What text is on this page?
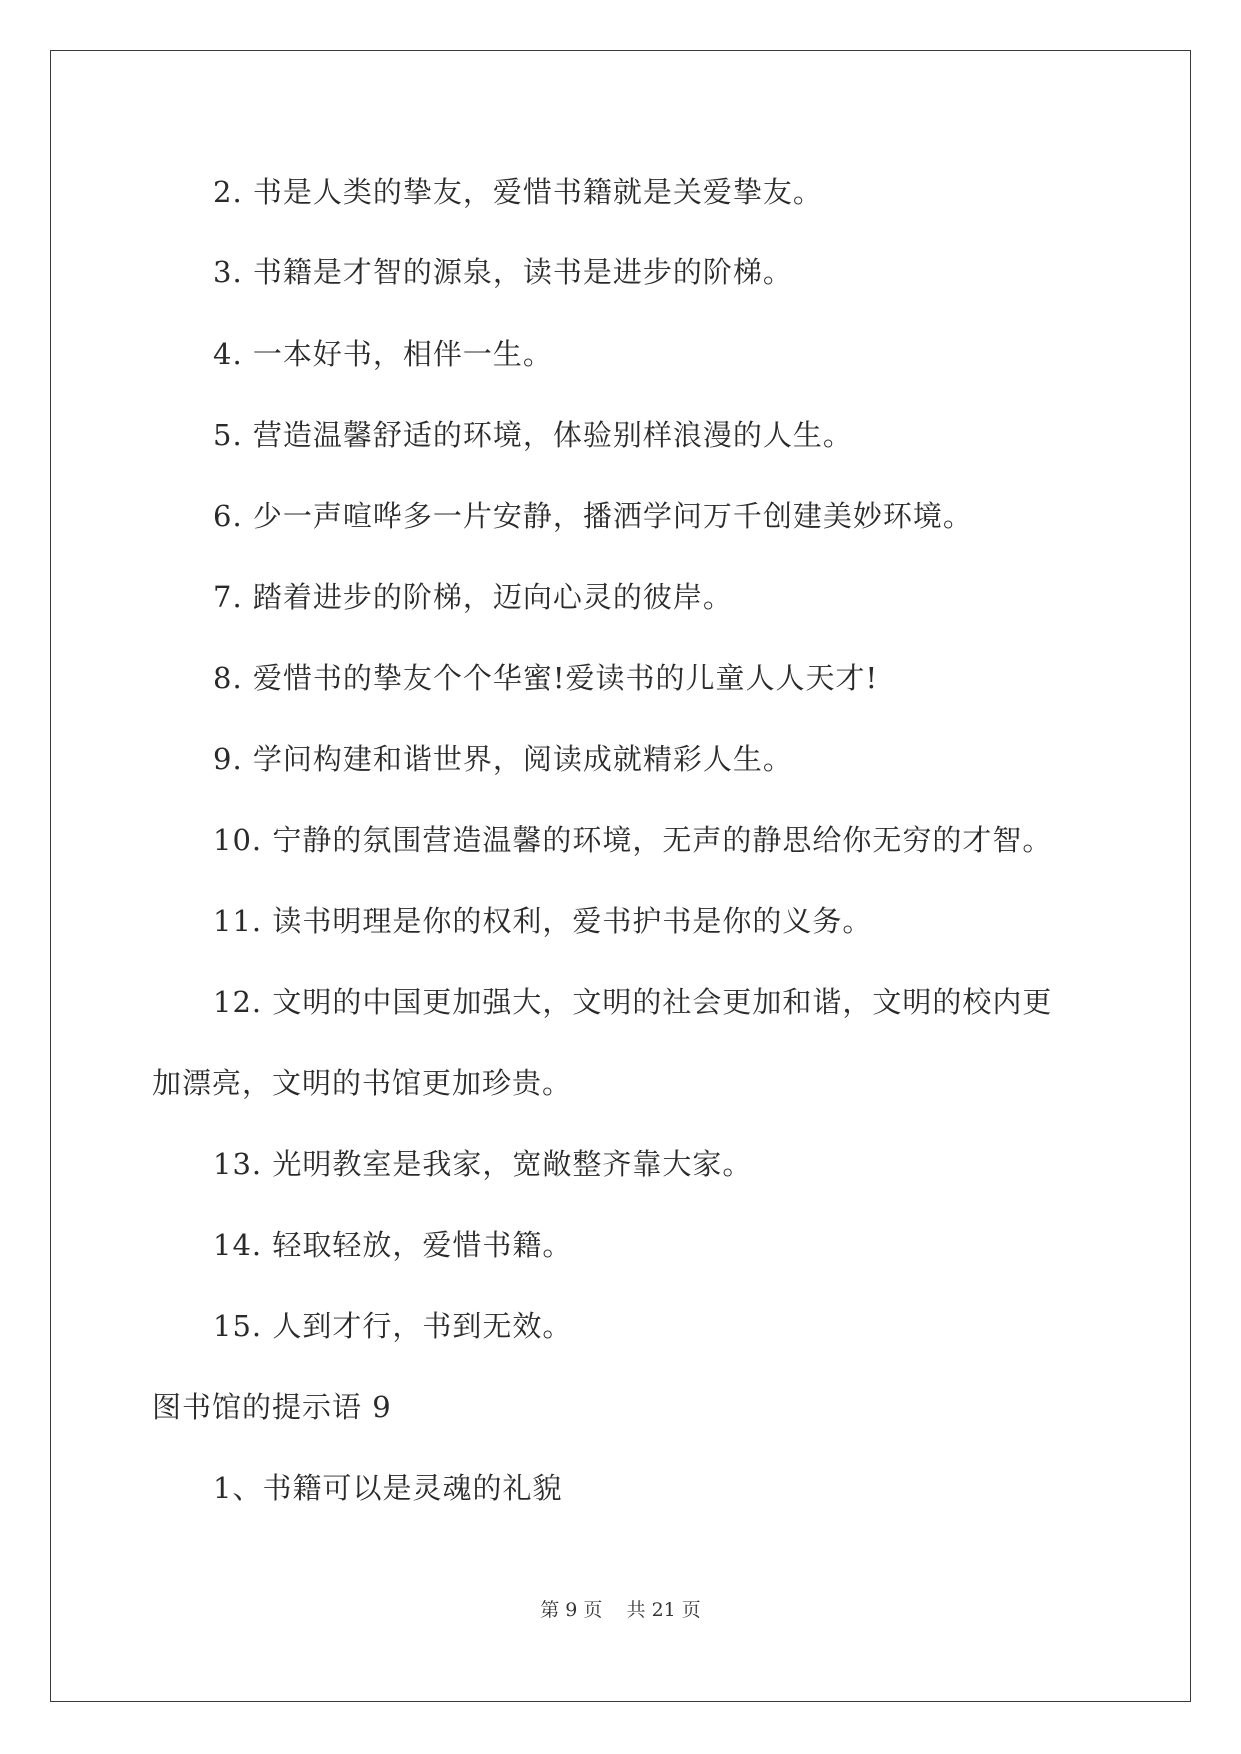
2. 书是人类的挚友，爱惜书籍就是关爱挚友。
3. 书籍是才智的源泉，读书是进步的阶梯。
4. 一本好书，相伴一生。
5. 营造温馨舒适的环境，体验别样浪漫的人生。
6. 少一声喧哗多一片安静，播洒学问万千创建美妙环境。
7. 踏着进步的阶梯，迈向心灵的彼岸。
8. 爱惜书的挚友个个华蜜!爱读书的儿童人人天才!
9. 学问构建和谐世界，阅读成就精彩人生。
10. 宁静的氛围营造温馨的环境，无声的静思给你无穷的才智。
11. 读书明理是你的权利，爱书护书是你的义务。
12. 文明的中国更加强大，文明的社会更加和谐，文明的校内更
加漂亮，文明的书馆更加珍贵。
13. 光明教室是我家，宽敞整齐靠大家。
14. 轻取轻放，爱惜书籍。
15. 人到才行，书到无效。
图书馆的提示语 9
1、书籍可以是灵魂的礼貌
第 9 页    共 21 页
